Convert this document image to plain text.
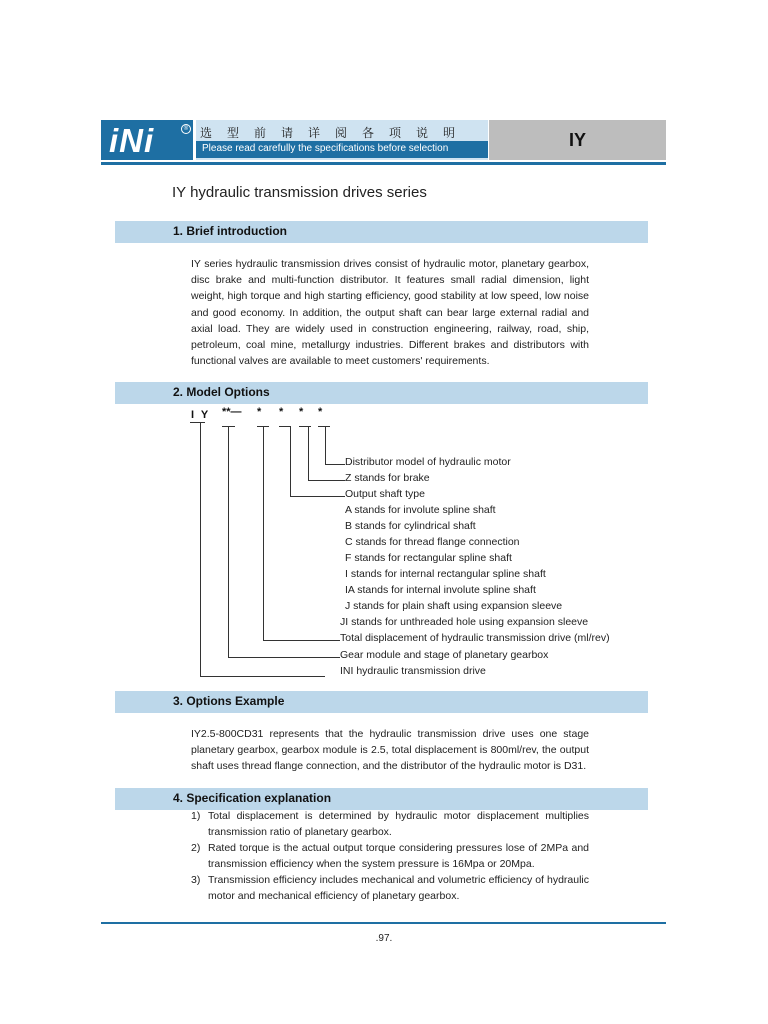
iNi	® 选型前请详阅各项说明
Please read carefully the specifications before selection	IY
IY hydraulic transmission drives series
1. Brief introduction
IY series hydraulic transmission drives consist of hydraulic motor, planetary gearbox, disc brake and multi-function distributor. It features small radial dimension, light weight, high torque and high starting efficiency, good stability at low speed, low noise and good economy. In addition, the output shaft can bear large external radial and axial load. They are widely used in construction engineering, railway, road, ship, petroleum, coal mine, metallurgy industries. Different brakes and distributors with functional valves are available to meet customers' requirements.
2. Model Options
I Y **— * * * *
Distributor model of hydraulic motor
Z stands for brake
Output shaft type
A stands for involute spline shaft
B stands for cylindrical shaft
C stands for thread flange connection
F stands for rectangular spline shaft
I stands for internal rectangular spline shaft
IA stands for internal involute spline shaft
J stands for plain shaft using expansion sleeve
JI stands for unthreaded hole using expansion sleeve
Total displacement of hydraulic transmission drive (ml/rev)
Gear module and stage of planetary gearbox
INI hydraulic transmission drive
3. Options Example
IY2.5-800CD31 represents that the hydraulic transmission drive uses one stage planetary gearbox, gearbox module is 2.5, total displacement is 800ml/rev, the output shaft uses thread flange connection, and the distributor of the hydraulic motor is D31.
4. Specification explanation
1) Total displacement is determined by hydraulic motor displacement multiplies transmission ratio of planetary gearbox.
2) Rated torque is the actual output torque considering pressures lose of 2MPa and transmission efficiency when the system pressure is 16Mpa or 20Mpa.
3) Transmission efficiency includes mechanical and volumetric efficiency of hydraulic motor and mechanical efficiency of planetary gearbox.
.97.
